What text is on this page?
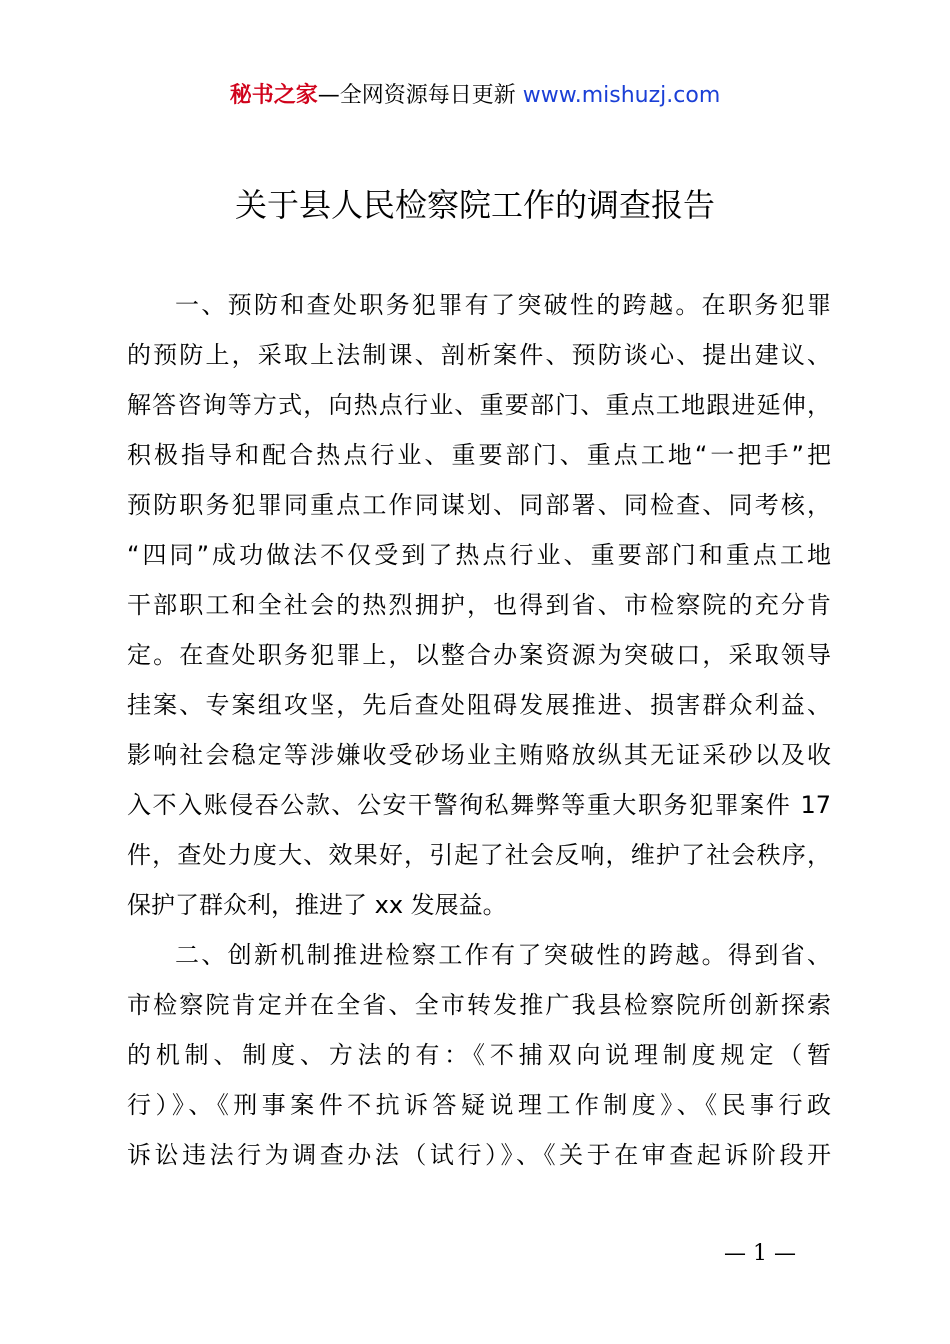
秘书之家—全网资源每日更新 www.mishuzj.com
关于县人民检察院工作的调查报告

一、预防和查处职务犯罪有了突破性的跨越。在职务犯罪
的预防上，采取上法制课、剖析案件、预防谈心、提出建议、
解答咨询等方式，向热点行业、重要部门、重点工地跟进延伸，
积极指导和配合热点行业、重要部门、重点工地“一把手”把
预防职务犯罪同重点工作同谋划、同部署、同检查、同考核，
“四同”成功做法不仅受到了热点行业、重要部门和重点工地
干部职工和全社会的热烈拥护，也得到省、市检察院的充分肯
定。在查处职务犯罪上，以整合办案资源为突破口，采取领导
挂案、专案组攻坚，先后查处阻碍发展推进、损害群众利益、
影响社会稳定等涉嫌收受砂场业主贿赂放纵其无证采砂以及收
入不入账侵吞公款、公安干警徇私舞弊等重大职务犯罪案件 17
件，查处力度大、效果好，引起了社会反响，维护了社会秩序，
保护了群众利，推进了 xx 发展益。

二、创新机制推进检察工作有了突破性的跨越。得到省、
市检察院肯定并在全省、全市转发推广我县检察院所创新探索
的机制、制度、方法的有：《不捕双向说理制度规定（暂
行）》、《刑事案件不抗诉答疑说理工作制度》、《民事行政
诉讼违法行为调查办法（试行）》、《关于在审查起诉阶段开

— 1 —
